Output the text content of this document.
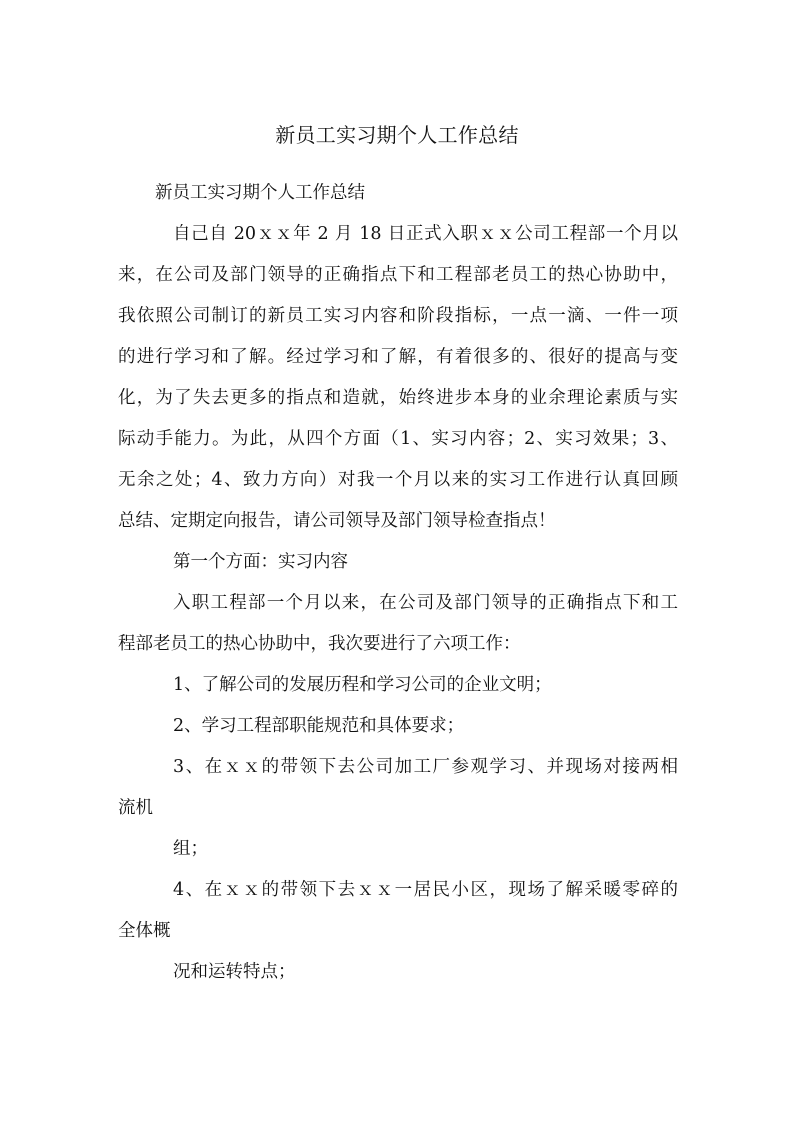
新员工实习期个人工作总结
新员工实习期个人工作总结
自己自 20ｘｘ年 2 月 18 日正式入职ｘｘ公司工程部一个月以
来，在公司及部门领导的正确指点下和工程部老员工的热心协助中，
我依照公司制订的新员工实习内容和阶段指标，一点一滴、一件一项
的进行学习和了解。经过学习和了解，有着很多的、很好的提高与变
化，为了失去更多的指点和造就，始终进步本身的业余理论素质与实
际动手能力。为此，从四个方面（1、实习内容；2、实习效果；3、
无余之处；4、致力方向）对我一个月以来的实习工作进行认真回顾
总结、定期定向报告，请公司领导及部门领导检查指点！
第一个方面：实习内容
入职工程部一个月以来，在公司及部门领导的正确指点下和工
程部老员工的热心协助中，我次要进行了六项工作：
1、了解公司的发展历程和学习公司的企业文明；
2、学习工程部职能规范和具体要求；
3、在ｘｘ的带领下去公司加工厂参观学习、并现场对接两相
流机
组；
4、在ｘｘ的带领下去ｘｘ一居民小区，现场了解采暖零碎的
全体概
况和运转特点；
